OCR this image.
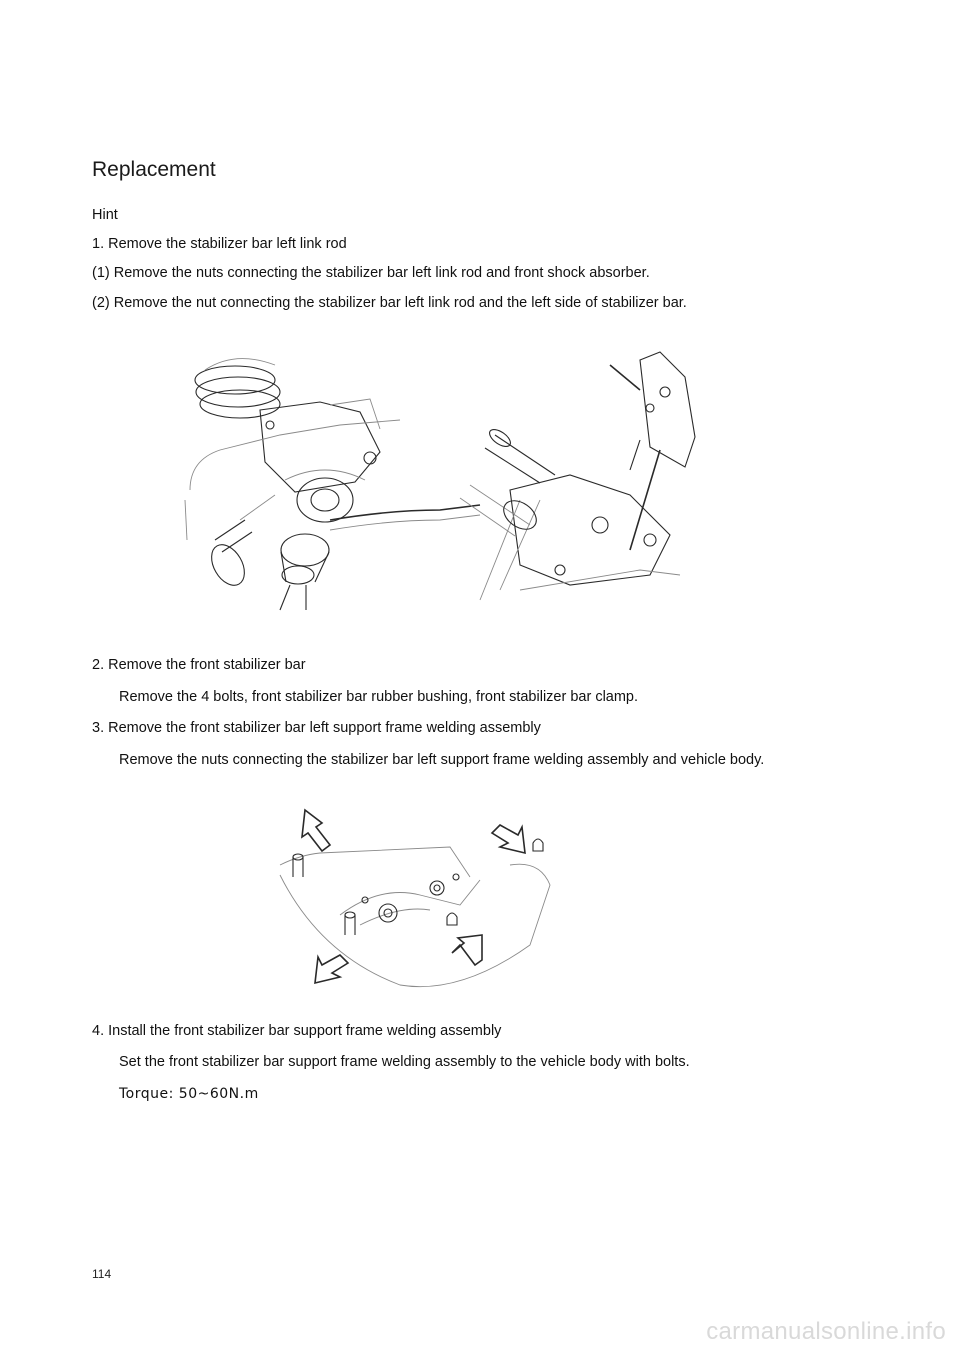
Replacement
Hint
1. Remove the stabilizer bar left link rod
(1) Remove the nuts connecting the stabilizer bar left link rod and front shock absorber.
(2) Remove the nut connecting the stabilizer bar left link rod and the left side of stabilizer bar.
2. Remove the front stabilizer bar
Remove the 4 bolts, front stabilizer bar rubber bushing, front stabilizer bar clamp.
3. Remove the front stabilizer bar left support frame welding assembly
Remove the nuts connecting the stabilizer bar left support frame welding assembly and vehicle body.
4. Install the front stabilizer bar support frame welding assembly
Set the front stabilizer bar support frame welding assembly to the vehicle body with bolts.
Torque: 50~60N.m
114
carmanualsonline.info
